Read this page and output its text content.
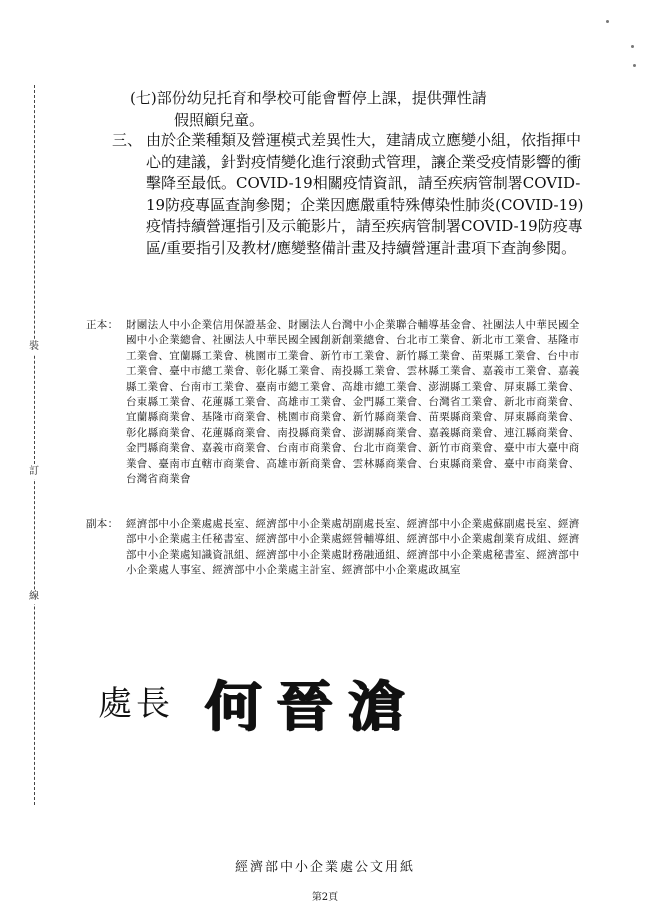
裝
訂
線

(七)部份幼兒托育和學校可能會暫停上課，提供彈性請

假照顧兒童。

三、 由於企業種類及營運模式差異性大，建請成立應變小組，依指揮中心的建議，針對疫情變化進行滾動式管理，讓企業受疫情影響的衝擊降至最低。COVID-19相關疫情資訊，請至疾病管制署COVID-19防疫專區查詢參閱；企業因應嚴重特殊傳染性肺炎(COVID-19)疫情持續營運指引及示範影片，請至疾病管制署COVID-19防疫專區/重要指引及教材/應變整備計畫及持續營運計畫項下查詢參閱。
正本： 財團法人中小企業信用保證基金、財團法人台灣中小企業聯合輔導基金會、社團法人中華民國全國中小企業總會、社團法人中華民國全國創新創業總會、台北市工業會、新北市工業會、基隆市工業會、宜蘭縣工業會、桃園市工業會、新竹市工業會、新竹縣工業會、苗栗縣工業會、台中市工業會、臺中市總工業會、彰化縣工業會、南投縣工業會、雲林縣工業會、嘉義市工業會、嘉義縣工業會、台南市工業會、臺南市總工業會、高雄市總工業會、澎湖縣工業會、屏東縣工業會、台東縣工業會、花蓮縣工業會、高雄市工業會、金門縣工業會、台灣省工業會、新北市商業會、宜蘭縣商業會、基隆市商業會、桃園市商業會、新竹縣商業會、苗栗縣商業會、屏東縣商業會、彰化縣商業會、花蓮縣商業會、南投縣商業會、澎湖縣商業會、嘉義縣商業會、連江縣商業會、金門縣商業會、嘉義市商業會、台南市商業會、台北市商業會、新竹市商業會、臺中市大臺中商業會、臺南市直轄市商業會、高雄市新商業會、雲林縣商業會、台東縣商業會、臺中市商業會、台灣省商業會
副本： 經濟部中小企業處處長室、經濟部中小企業處胡副處長室、經濟部中小企業處蘇副處長室、經濟部中小企業處主任秘書室、經濟部中小企業處經營輔導組、經濟部中小企業處創業育成組、經濟部中小企業處知識資訊組、經濟部中小企業處財務融通組、經濟部中小企業處秘書室、經濟部中小企業處人事室、經濟部中小企業處主計室、經濟部中小企業處政風室
處長 何晉滄
經濟部中小企業處公文用紙
第2頁
